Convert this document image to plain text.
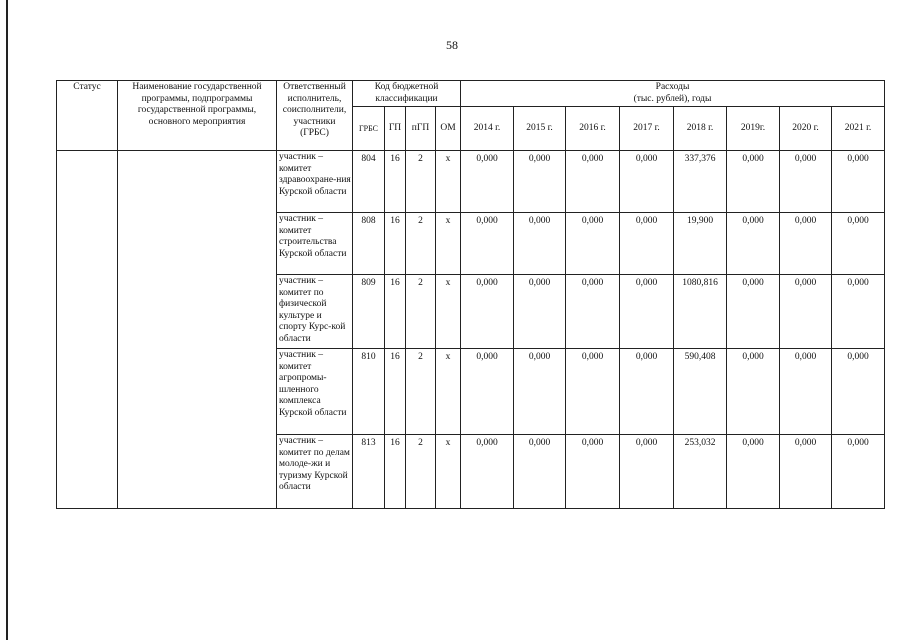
58
Статус	Наименование государственной программы, подпрограммы государственной программы, основного мероприятия	Ответственный исполнитель, соисполнители, участники (ГРБС)	Код бюджетной классификации				Расходы
(тыс. рублей), годы							

			ГРБС	ГП	пГП	ОМ	2014 г.	2015 г.	2016 г.	2017 г.	2018 г.	2019г.	2020 г.	2021 г.
		участник – комитет здравоохране-ния Курской области	804	16	2	x	0,000	0,000	0,000	0,000	337,376	0,000	0,000	0,000
		участник – комитет строительства Курской области	808	16	2	x	0,000	0,000	0,000	0,000	19,900	0,000	0,000	0,000
		участник – комитет по физической культуре и спорту Курс-кой области	809	16	2	x	0,000	0,000	0,000	0,000	1080,816	0,000	0,000	0,000
		участник – комитет агропромы-шленного комплекса Курской области	810	16	2	x	0,000	0,000	0,000	0,000	590,408	0,000	0,000	0,000
		участник – комитет по делам молоде-жи и туризму Курской области	813	16	2	x	0,000	0,000	0,000	0,000	253,032	0,000	0,000	0,000
